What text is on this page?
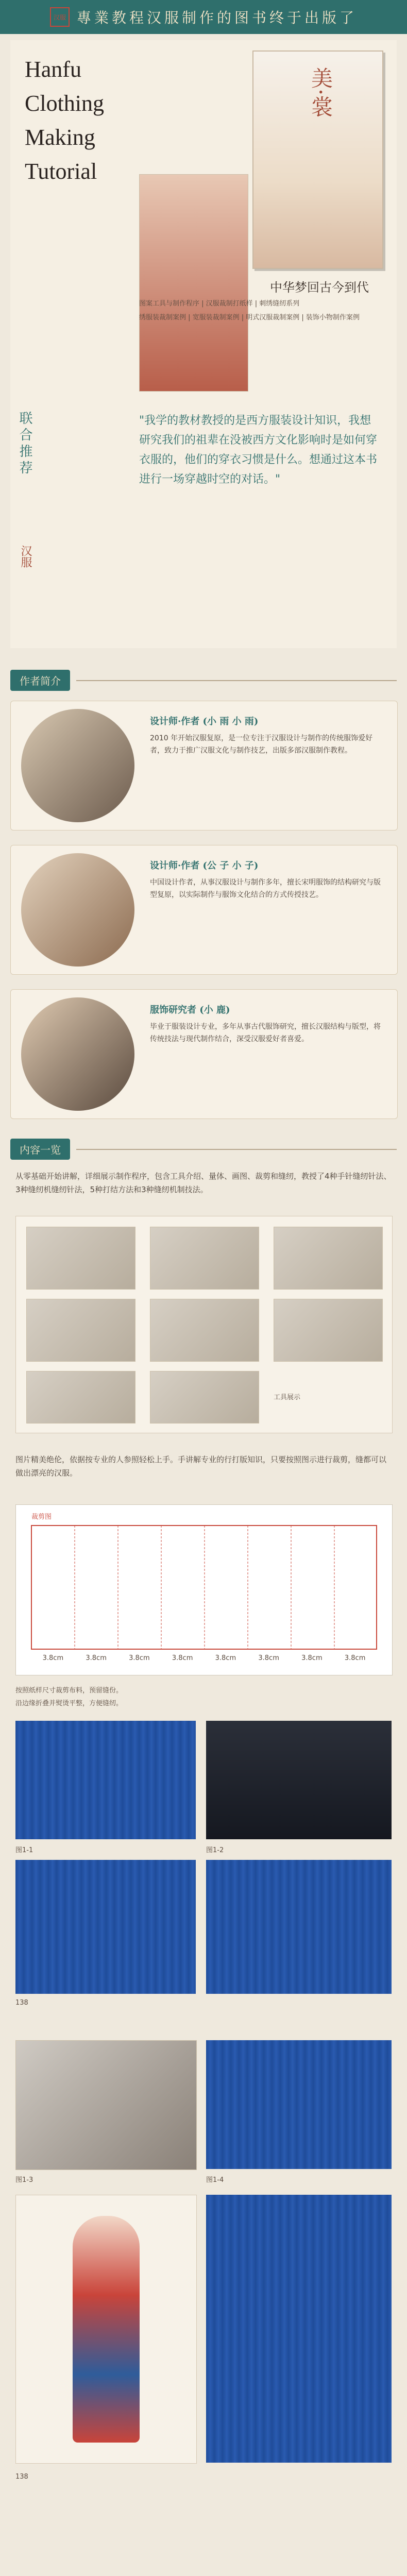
汉服 專業教程汉服制作的图书终于出版了
Hanfu
Clothing
Making
Tutorial
美·裳
中华梦回古今到代
图案工具与制作程序 | 汉服裁制打纸样 | 刺绣缝纫系列
绣服装裁制案例 | 宽服装裁制案例 | 明式汉服裁制案例 | 装饰小物制作案例
"我学的教材教授的是西方服装设计知识，我想研究我们的祖辈在没被西方文化影响时是如何穿衣服的，他们的穿衣习惯是什么。想通过这本书进行一场穿越时空的对话。"
联合推荐
汉服
作者简介
设计师·作者 (小 雨 小 雨)
2010 年开始汉服复原，是一位专注于汉服设计与制作的传统服饰爱好者，致力于推广汉服文化与制作技艺，出版多部汉服制作教程。
设计师·作者 (公 子 小 子)
中国设计作者，从事汉服设计与制作多年，擅长宋明服饰的结构研究与版型复原，以实际制作与服饰文化结合的方式传授技艺。
服饰研究者 (小 鹿)
毕业于服装设计专业，多年从事古代服饰研究，擅长汉服结构与版型，将传统技法与现代制作结合，深受汉服爱好者喜爱。
内容一览
从零基础开始讲解，详细展示制作程序，包含工具介绍、量体、画图、裁剪和缝纫，教授了4种手针缝纫针法、3种缝纫机缝纫针法，5种打结方法和3种缝纫机制技法。
工具展示
图片精美绝伦，依据按专业的人参照轻松上手。手讲解专业的行打版知识，只要按照图示进行裁剪，缝都可以做出漂亮的汉服。
裁剪图
3.8cm	3.8cm	3.8cm	3.8cm	3.8cm	3.8cm	3.8cm	3.8cm
按照纸样尺寸裁剪布料，预留缝份。
沿边缘折叠并熨烫平整，方便缝纫。
图1-1	图1-2
138
图1-3	图1-4
138
